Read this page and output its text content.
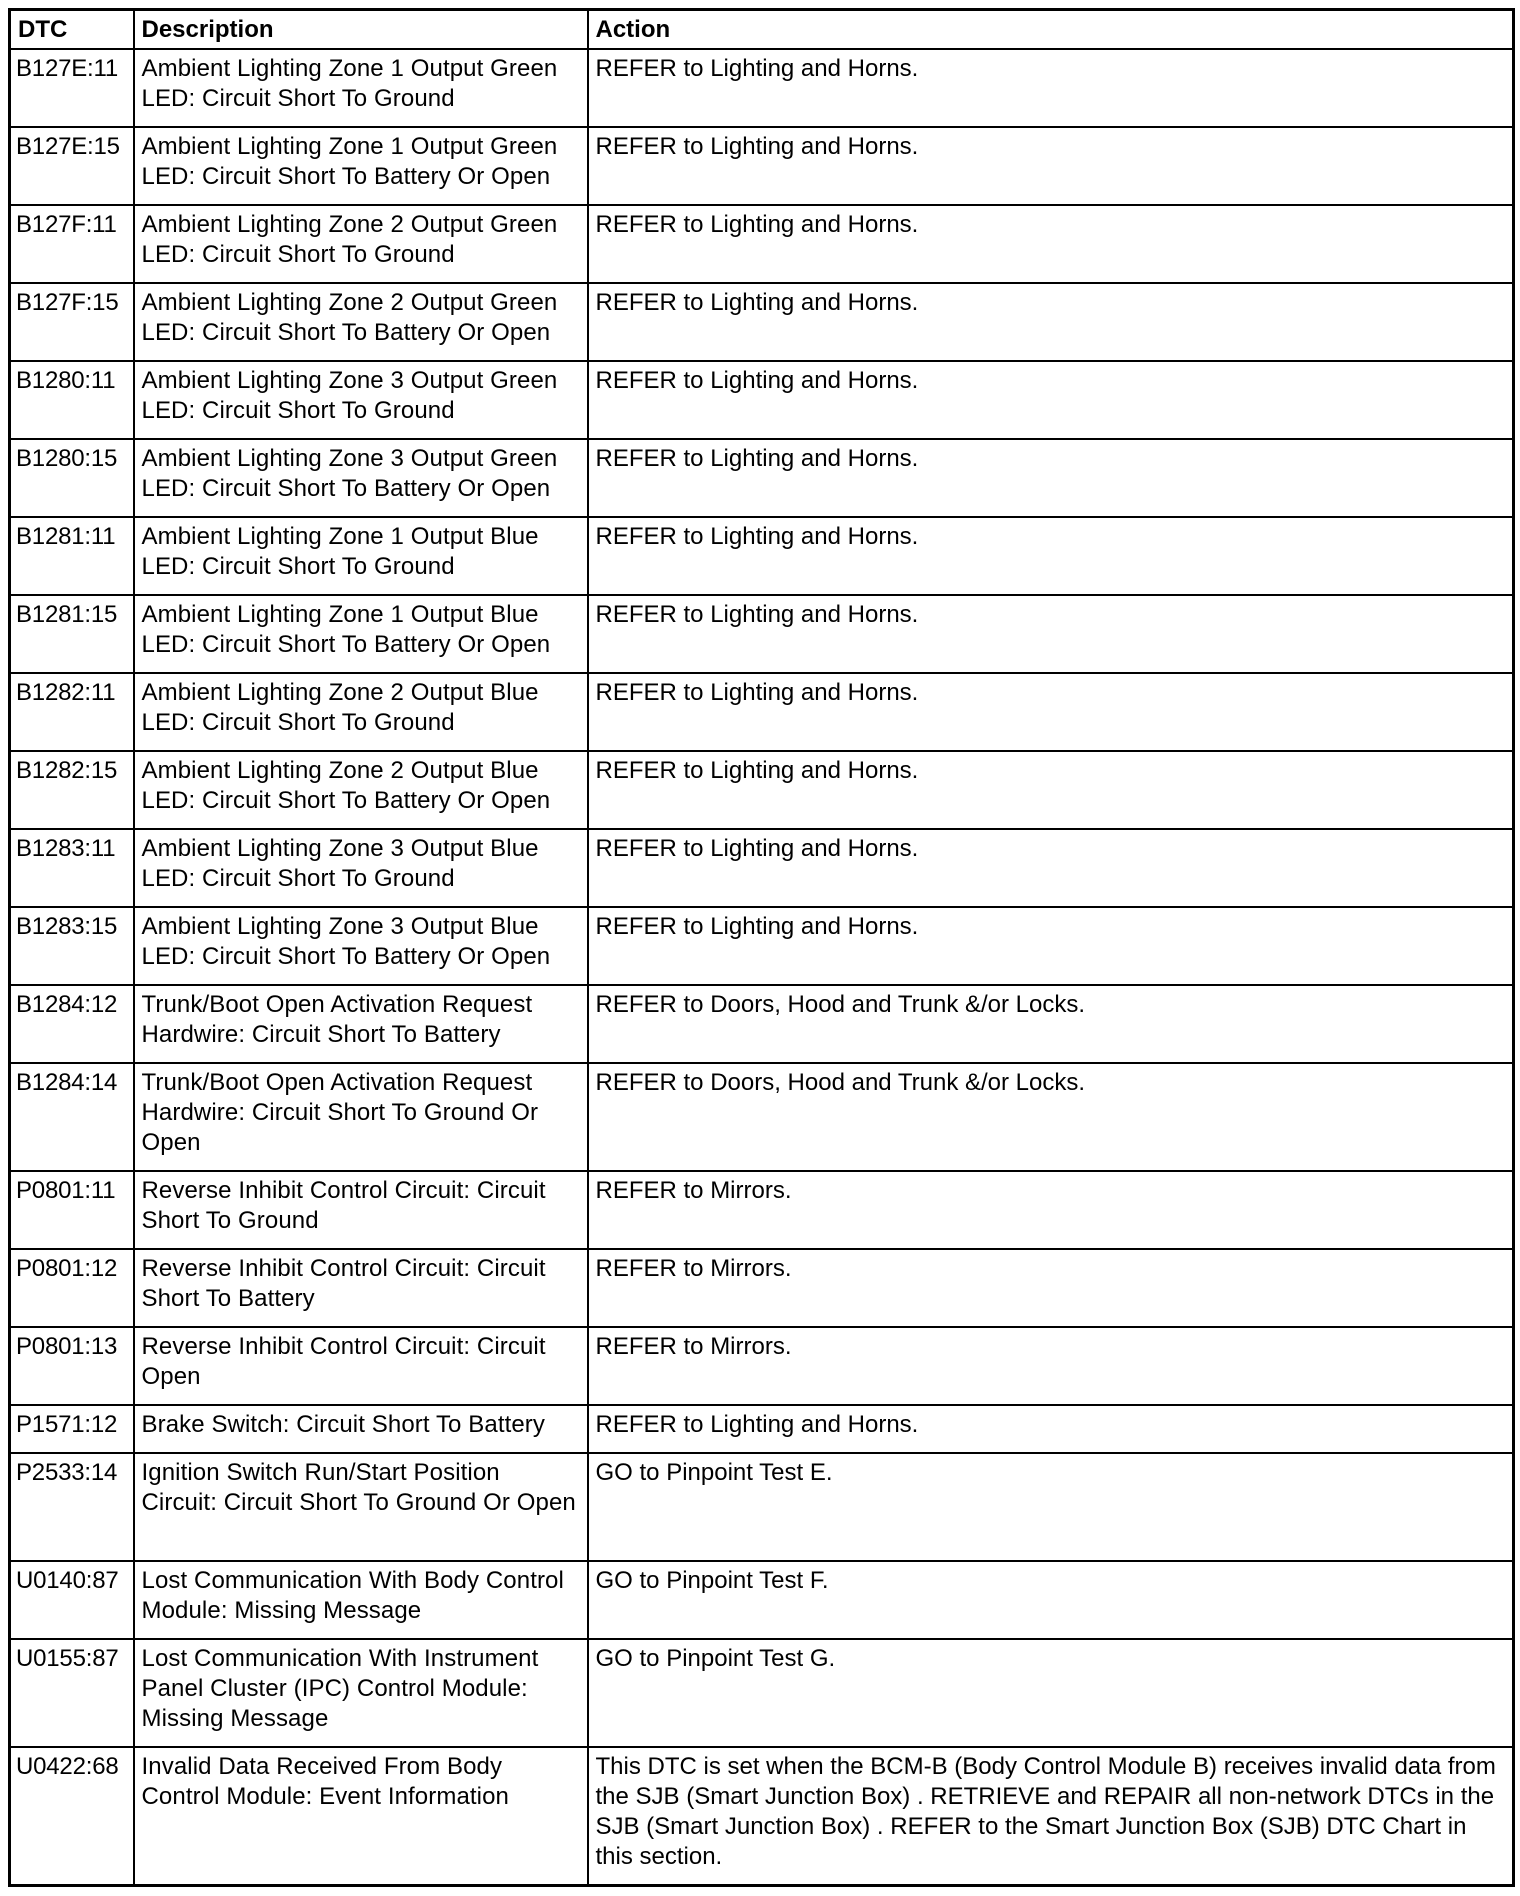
DTC	Description	Action
B127E:11	Ambient Lighting Zone 1 Output Green LED: Circuit Short To Ground	REFER to Lighting and Horns.
B127E:15	Ambient Lighting Zone 1 Output Green LED: Circuit Short To Battery Or Open	REFER to Lighting and Horns.
B127F:11	Ambient Lighting Zone 2 Output Green LED: Circuit Short To Ground	REFER to Lighting and Horns.
B127F:15	Ambient Lighting Zone 2 Output Green LED: Circuit Short To Battery Or Open	REFER to Lighting and Horns.
B1280:11	Ambient Lighting Zone 3 Output Green LED: Circuit Short To Ground	REFER to Lighting and Horns.
B1280:15	Ambient Lighting Zone 3 Output Green LED: Circuit Short To Battery Or Open	REFER to Lighting and Horns.
B1281:11	Ambient Lighting Zone 1 Output Blue LED: Circuit Short To Ground	REFER to Lighting and Horns.
B1281:15	Ambient Lighting Zone 1 Output Blue LED: Circuit Short To Battery Or Open	REFER to Lighting and Horns.
B1282:11	Ambient Lighting Zone 2 Output Blue LED: Circuit Short To Ground	REFER to Lighting and Horns.
B1282:15	Ambient Lighting Zone 2 Output Blue LED: Circuit Short To Battery Or Open	REFER to Lighting and Horns.
B1283:11	Ambient Lighting Zone 3 Output Blue LED: Circuit Short To Ground	REFER to Lighting and Horns.
B1283:15	Ambient Lighting Zone 3 Output Blue LED: Circuit Short To Battery Or Open	REFER to Lighting and Horns.
B1284:12	Trunk/Boot Open Activation Request Hardwire: Circuit Short To Battery	REFER to Doors, Hood and Trunk &/or Locks.
B1284:14	Trunk/Boot Open Activation Request Hardwire: Circuit Short To Ground Or Open	REFER to Doors, Hood and Trunk &/or Locks.
P0801:11	Reverse Inhibit Control Circuit: Circuit Short To Ground	REFER to Mirrors.
P0801:12	Reverse Inhibit Control Circuit: Circuit Short To Battery	REFER to Mirrors.
P0801:13	Reverse Inhibit Control Circuit: Circuit Open	REFER to Mirrors.
P1571:12	Brake Switch: Circuit Short To Battery	REFER to Lighting and Horns.
P2533:14	Ignition Switch Run/Start Position Circuit: Circuit Short To Ground Or Open	GO to Pinpoint Test E.
U0140:87	Lost Communication With Body Control Module: Missing Message	GO to Pinpoint Test F.
U0155:87	Lost Communication With Instrument Panel Cluster (IPC) Control Module: Missing Message	GO to Pinpoint Test G.
U0422:68	Invalid Data Received From Body Control Module: Event Information	This DTC is set when the BCM-B (Body Control Module B) receives invalid data from the SJB (Smart Junction Box) . RETRIEVE and REPAIR all non-network DTCs in the SJB (Smart Junction Box) . REFER to the Smart Junction Box (SJB) DTC Chart in this section.
